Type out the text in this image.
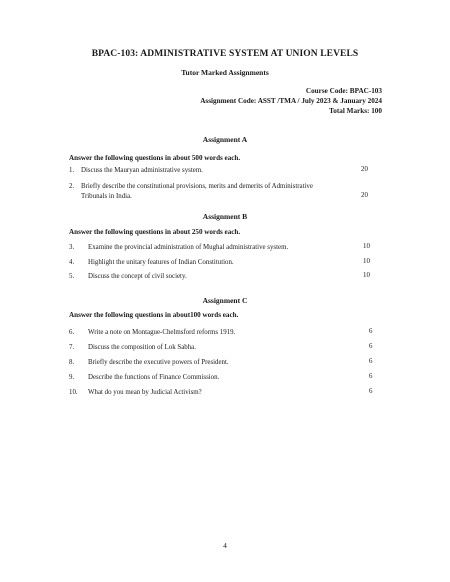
BPAC-103: ADMINISTRATIVE SYSTEM AT UNION LEVELS
Tutor Marked Assignments
Course Code: BPAC-103
Assignment Code: ASST /TMA / July 2023 & January 2024
Total Marks: 100
Assignment A
Answer the following questions in about 500 words each.
1. Discuss the Mauryan administrative system.	20
2. Briefly describe the constitutional provisions, merits and demerits of Administrative Tribunals in India.	20
Assignment B
Answer the following questions in about 250 words each.
3.	Examine the provincial administration of Mughal administrative system.	10
4.	Highlight the unitary features of Indian Constitution.	10
5.	Discuss the concept of civil society.	10
Assignment C
Answer the following questions in about100 words each.
6.	Write a note on Montague-Chelmsford reforms 1919.	6
7.	Discuss the composition of Lok Sabha.	6
8.	Briefly describe the executive powers of President.	6
9.	Describe the functions of Finance Commission.	6
10.	What do you mean by Judicial Activism?	6
4
